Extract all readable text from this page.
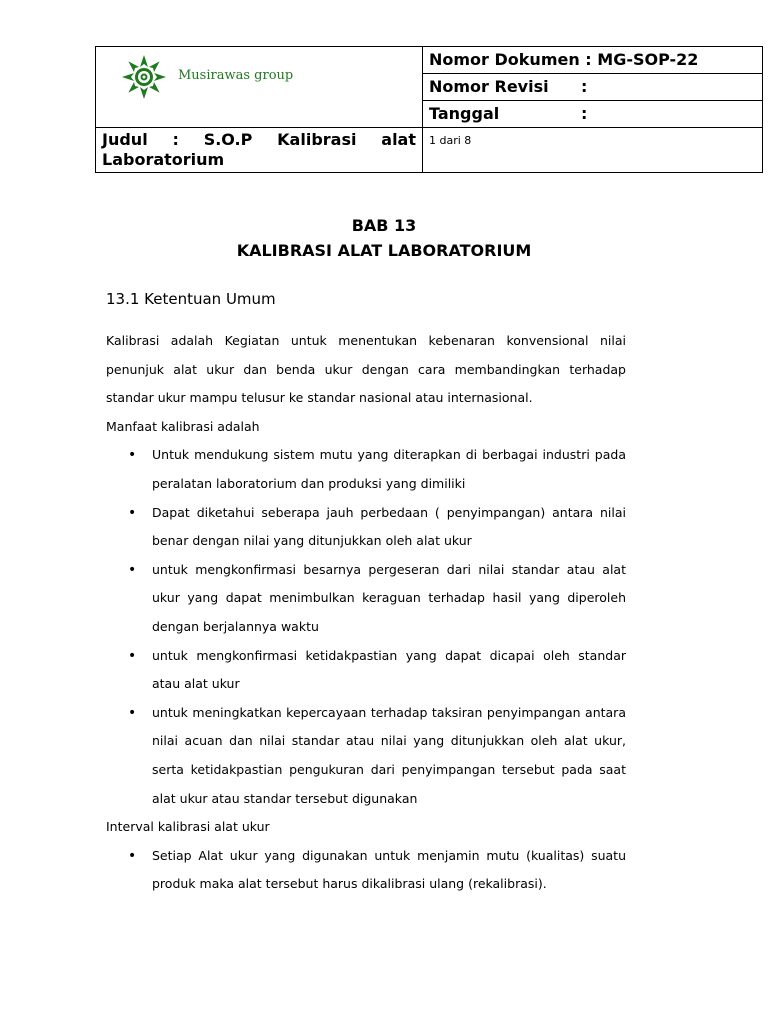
Musirawas group	Nomor Dokumen : MG-SOP-22
	Nomor Revisi :
	Tanggal :
Judul : S.O.P Kalibrasi alat Laboratorium	1 dari 8
BAB 13
KALIBRASI ALAT LABORATORIUM
13.1 Ketentuan Umum

Kalibrasi adalah Kegiatan untuk menentukan kebenaran konvensional nilai penunjuk alat ukur dan benda ukur dengan cara membandingkan terhadap standar ukur mampu telusur ke standar nasional atau internasional.

Manfaat kalibrasi adalah

• Untuk mendukung sistem mutu yang diterapkan di berbagai industri pada peralatan laboratorium dan produksi yang dimiliki
• Dapat diketahui seberapa jauh perbedaan ( penyimpangan) antara nilai benar dengan nilai yang ditunjukkan oleh alat ukur
• untuk mengkonfirmasi besarnya pergeseran dari nilai standar atau alat ukur yang dapat menimbulkan keraguan terhadap hasil yang diperoleh dengan berjalannya waktu
• untuk mengkonfirmasi ketidakpastian yang dapat dicapai oleh standar atau alat ukur
• untuk meningkatkan kepercayaan terhadap taksiran penyimpangan antara nilai acuan dan nilai standar atau nilai yang ditunjukkan oleh alat ukur, serta ketidakpastian pengukuran dari penyimpangan tersebut pada saat alat ukur atau standar tersebut digunakan

Interval kalibrasi alat ukur

• Setiap Alat ukur yang digunakan untuk menjamin mutu (kualitas) suatu produk maka alat tersebut harus dikalibrasi ulang (rekalibrasi).
